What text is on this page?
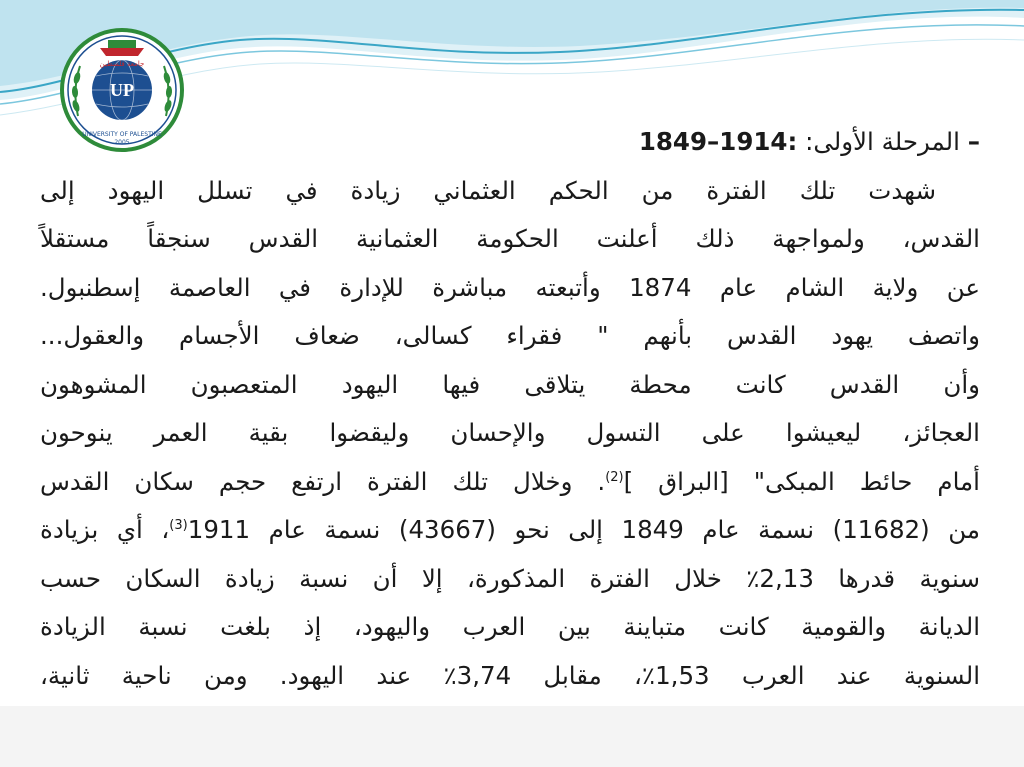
UP
UNIVERSITY OF PALESTINE
2005
جامعة فلسطين
– المرحلة الأولى: 1849–1914:
شهدت تلك الفترة من الحكم العثماني زيادة في تسلل اليهود إلى
القدس، ولمواجهة ذلك أعلنت الحكومة العثمانية القدس سنجقاً مستقلاً
عن ولاية الشام عام 1874 وأتبعته مباشرة للإدارة في العاصمة إسطنبول.
واتصف يهود القدس بأنهم " فقراء كسالى، ضعاف الأجسام والعقول...
وأن القدس كانت محطة يتلاقى فيها اليهود المتعصبون المشوهون
العجائز، ليعيشوا على التسول والإحسان وليقضوا بقية العمر ينوحون
أمام حائط المبكى" [البراق ]$^{(2)}$. وخلال تلك الفترة ارتفع حجم سكان القدس
من (11682) نسمة عام 1849 إلى نحو (43667) نسمة عام 1911$^{(3)}$، أي بزيادة
سنوية قدرها 2,13٪ خلال الفترة المذكورة، إلا أن نسبة زيادة السكان حسب
الديانة والقومية كانت متباينة بين العرب واليهود، إذ بلغت نسبة الزيادة
السنوية عند العرب 1,53٪، مقابل 3,74٪ عند اليهود. ومن ناحية ثانية،
